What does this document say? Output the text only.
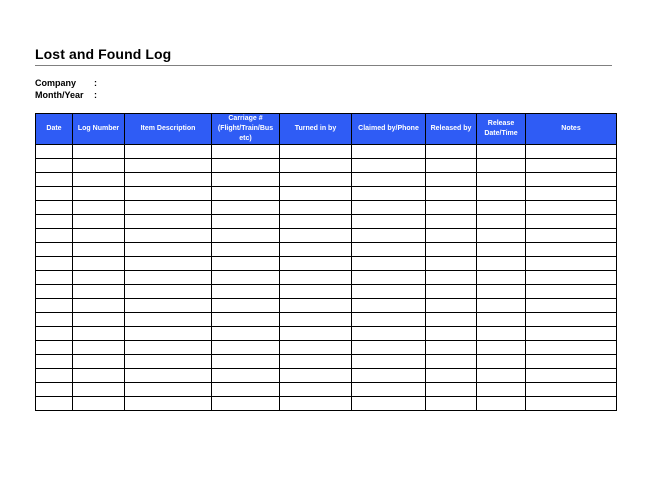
Lost and Found Log
Company :
Month/Year :
Date	Log Number	Item Description	Carriage # (Flight/Train/Bus etc)	Turned in by	Claimed by/Phone	Released by	Release Date/Time	Notes
